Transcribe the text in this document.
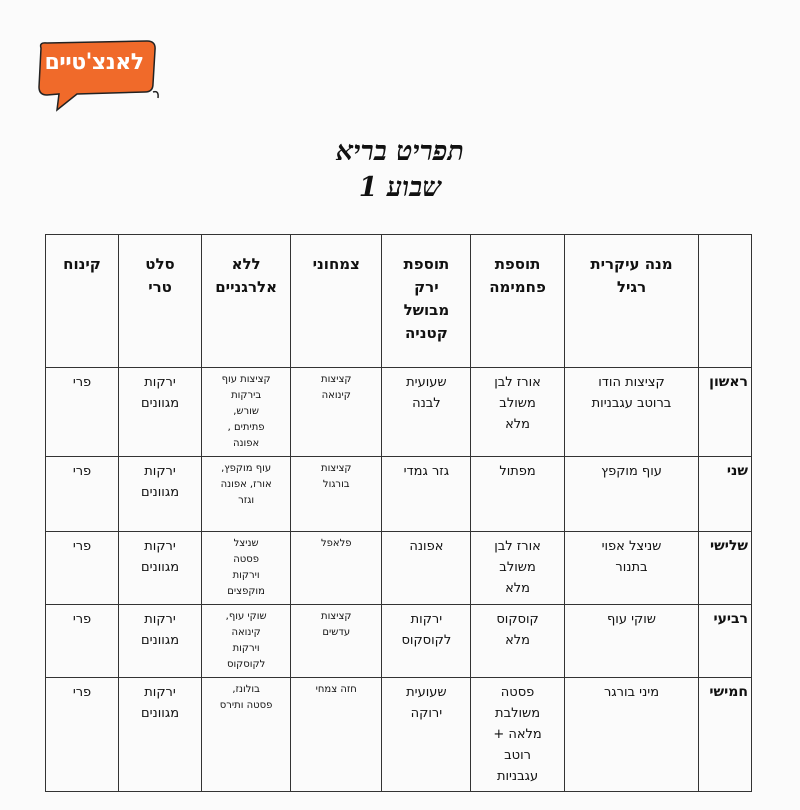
לאנצ'טיים
תפריט בריא
שבוע 1
	מנה עיקרית
רגיל	תוספת
פחמימה	תוספת
ירק
מבושל
קטניה	צמחוני	ללא
אלרגניים	סלט
טרי	קינוח
ראשון	קציצות הודו
ברוטב עגבניות	אורז לבן
משולב
מלא	שעועית
לבנה	קציצות
קינואה	קציצות עוף
בירקות
שורש,
פתיתים ,
אפונה	ירקות
מגוונים	פרי
שני	עוף מוקפץ	מפתול	גזר גמדי	קציצות
בורגול	עוף מוקפץ,
אורז, אפונה
וגזר	ירקות
מגוונים	פרי
שלישי	שניצל אפוי
בתנור	אורז לבן
משולב
מלא	אפונה	פלאפל	שניצל
פסטה
וירקות
מוקפצים	ירקות
מגוונים	פרי
רביעי	שוקי עוף	קוסקוס
מלא	ירקות
לקוסקוס	קציצות
עדשים	שוקי עוף,
קינואה
וירקות
לקוסקוס	ירקות
מגוונים	פרי
חמישי	מיני בורגר	פסטה
משולבת
מלאה +
רוטב
עגבניות	שעועית
ירוקה	חזה צמחי	בולונז,
פסטה ותירס	ירקות
מגוונים	פרי
